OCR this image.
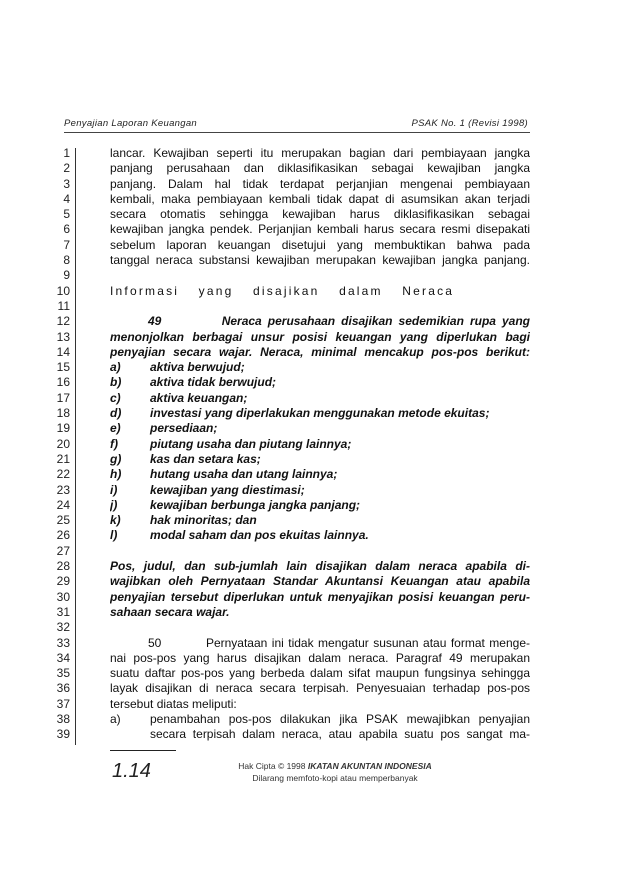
Penyajian Laporan Keuangan	PSAK No. 1 (Revisi 1998)
1
2
3
4
5
6
7
8
9
10
11
12
13
14
15
16
17
18
19
20
21
22
23
24
25
26
27
28
29
30
31
32
33
34
35
36
37
38
39
lancar. Kewajiban seperti itu merupakan bagian dari pembiayaan jangka
panjang perusahaan dan diklasifikasikan sebagai kewajiban jangka
panjang. Dalam hal tidak terdapat perjanjian mengenai pembiayaan
kembali, maka pembiayaan kembali tidak dapat di asumsikan akan terjadi
secara otomatis sehingga kewajiban harus diklasifikasikan sebagai
kewajiban jangka pendek. Perjanjian kembali harus secara resmi disepakati
sebelum laporan keuangan disetujui yang membuktikan bahwa pada
tanggal neraca substansi kewajiban merupakan kewajiban jangka panjang.
Informasi yang disajikan dalam Neraca
49          Neraca perusahaan disajikan sedemikian rupa yang
menonjolkan berbagai unsur posisi keuangan yang diperlukan bagi
penyajian secara wajar. Neraca, minimal mencakup pos-pos berikut:
a)	aktiva berwujud;
b)	aktiva tidak berwujud;
c)	aktiva keuangan;
d)	investasi yang diperlakukan menggunakan metode ekuitas;
e)	persediaan;
f)	piutang usaha dan piutang lainnya;
g)	kas dan setara kas;
h)	hutang usaha dan utang lainnya;
i)	kewajiban yang diestimasi;
j)	kewajiban berbunga jangka panjang;
k)	hak minoritas; dan
l)	modal saham dan pos ekuitas lainnya.
Pos, judul, dan sub-jumlah lain disajikan dalam neraca apabila di-
wajibkan oleh Pernyataan Standar Akuntansi Keuangan atau apabila
penyajian tersebut diperlukan untuk menyajikan posisi keuangan peru-
sahaan secara wajar.
50          Pernyataan ini tidak mengatur susunan atau format menge-
nai pos-pos yang harus disajikan dalam neraca. Paragraf 49 merupakan
suatu daftar pos-pos yang berbeda dalam sifat maupun fungsinya sehingga
layak disajikan di neraca secara terpisah. Penyesuaian terhadap pos-pos
tersebut diatas meliputi:
a)	penambahan pos-pos dilakukan jika PSAK mewajibkan penyajian
secara terpisah dalam neraca, atau apabila suatu pos sangat ma-
1.14	Hak Cipta © 1998 IKATAN AKUNTAN INDONESIA
Dilarang memfoto-kopi atau memperbanyak
